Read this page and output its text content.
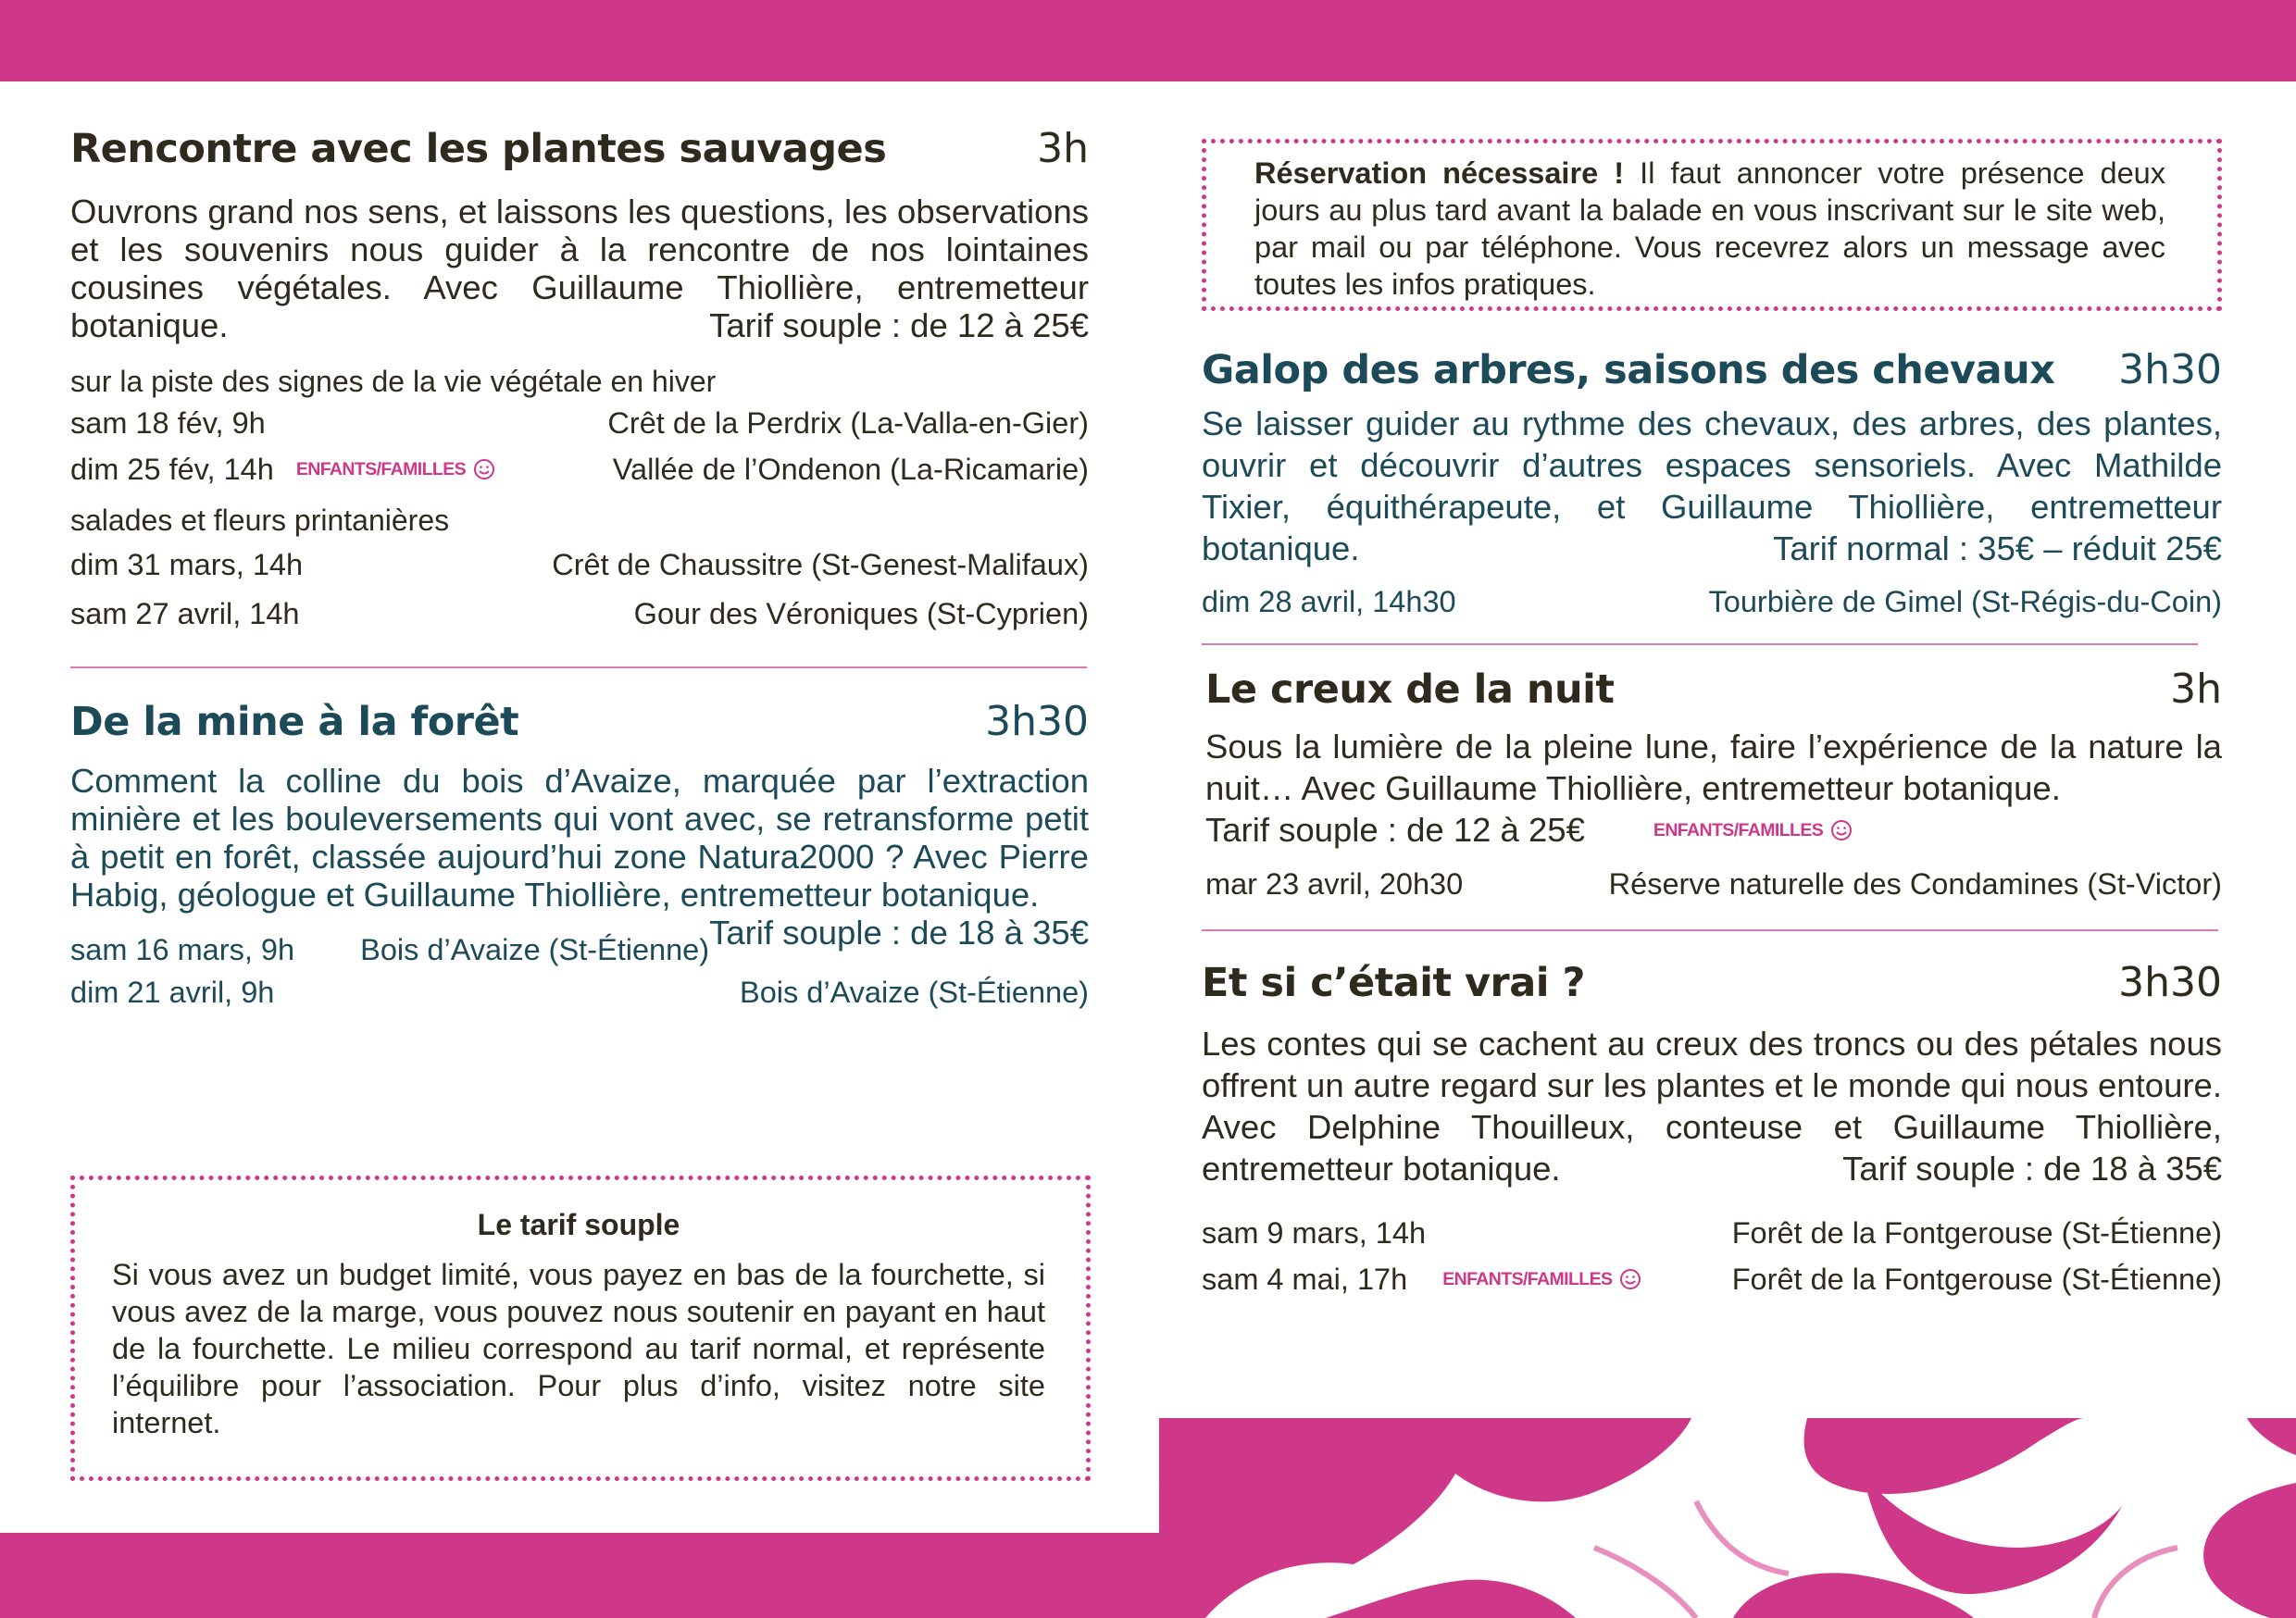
Rencontre avec les plantes sauvages	3h
Ouvrons grand nos sens, et laissons les questions, les observations et les souvenirs nous guider à la rencontre de nos lointaines cousines végétales. Avec Guillaume Thiollière, entremetteur botanique.	Tarif souple : de 12 à 25€
sur la piste des signes de la vie végétale en hiver
sam 18 fév, 9h	Crêt de la Perdrix (La-Valla-en-Gier)
dim 25 fév, 14h ENFANTS/FAMILLES	Vallée de l’Ondenon (La-Ricamarie)
salades et fleurs printanières
dim 31 mars, 14h	Crêt de Chaussitre (St-Genest-Malifaux)
sam 27 avril, 14h	Gour des Véroniques (St-Cyprien)
De la mine à la forêt	3h30
Comment la colline du bois d’Avaize, marquée par l’extraction minière et les bouleversements qui vont avec, se retransforme petit à petit en forêt, classée aujourd’hui zone Natura2000 ? Avec Pierre Habig, géologue et Guillaume Thiollière, entremetteur botanique.
Tarif souple : de 18 à 35€
sam 16 mars, 9h Bois d’Avaize (St-Étienne)
dim 21 avril, 9h	Bois d’Avaize (St-Étienne)
Le tarif souple
Si vous avez un budget limité, vous payez en bas de la fourchette, si vous avez de la marge, vous pouvez nous soutenir en payant en haut de la fourchette. Le milieu correspond au tarif normal, et représente l’équilibre pour l’association. Pour plus d’info, visitez notre site internet.
Réservation nécessaire ! Il faut annoncer votre présence deux jours au plus tard avant la balade en vous inscrivant sur le site web, par mail ou par téléphone. Vous recevrez alors un message avec toutes les infos pratiques.
Galop des arbres, saisons des chevaux 3h30
Se laisser guider au rythme des chevaux, des arbres, des plantes, ouvrir et découvrir d’autres espaces sensoriels. Avec Mathilde Tixier, équithérapeute, et Guillaume Thiollière, entremetteur botanique.	Tarif normal : 35€ – réduit 25€
dim 28 avril, 14h30	Tourbière de Gimel (St-Régis-du-Coin)
Le creux de la nuit	3h
Sous la lumière de la pleine lune, faire l’expérience de la nature la nuit… Avec Guillaume Thiollière, entremetteur botanique.
Tarif souple : de 12 à 25€	ENFANTS/FAMILLES
mar 23 avril, 20h30	Réserve naturelle des Condamines (St-Victor)
Et si c’était vrai ?	3h30
Les contes qui se cachent au creux des troncs ou des pétales nous offrent un autre regard sur les plantes et le monde qui nous entoure. Avec Delphine Thouilleux, conteuse et Guillaume Thiollière, entremetteur botanique.	Tarif souple : de 18 à 35€
sam 9 mars, 14h	Forêt de la Fontgerouse (St-Étienne)
sam 4 mai, 17h ENFANTS/FAMILLES	Forêt de la Fontgerouse (St-Étienne)
